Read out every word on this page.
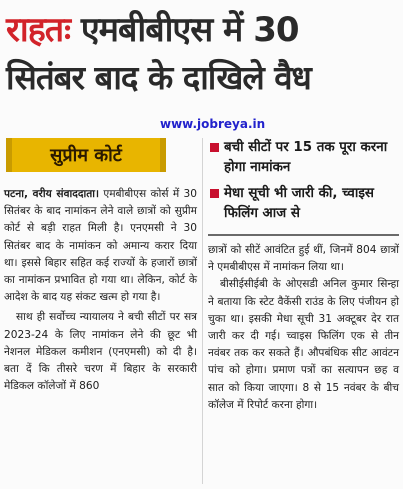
राहतः एमबीबीएस में 30
सितंबर बाद के दाखिले वैध
www.jobreya.in
सुप्रीम कोर्ट

पटना, वरीय संवाददाता। एमबीबीएस कोर्स में 30 सितंबर के बाद नामांकन लेने वाले छात्रों को सुप्रीम कोर्ट से बड़ी राहत मिली है। एनएमसी ने 30 सितंबर बाद के नामांकन को अमान्य करार दिया था। इससे बिहार सहित कई राज्यों के हजारों छात्रों का नामांकन प्रभावित हो गया था। लेकिन, कोर्ट के आदेश के बाद यह संकट खत्म हो गया है।

साथ ही सर्वोच्च न्यायालय ने बची सीटों पर सत्र 2023-24 के लिए नामांकन लेने की छूट भी नेशनल मेडिकल कमीशन (एनएमसी) को दी है। बता दें कि तीसरे चरण में बिहार के सरकारी मेडिकल कॉलेजों में 860

बची सीटों पर 15 तक पूरा करना होगा नामांकन
मेधा सूची भी जारी की, च्वाइस फिलिंग आज से

छात्रों को सीटें आवंटित हुई थीं, जिनमें 804 छात्रों ने एमबीबीएस में नामांकन लिया था।

बीसीईसीईबी के ओएसडी अनिल कुमार सिन्हा ने बताया कि स्टेट वैकेंसी राउंड के लिए पंजीयन हो चुका था। इसकी मेधा सूची 31 अक्टूबर देर रात जारी कर दी गई। च्वाइस फिलिंग एक से तीन नवंबर तक कर सकते हैं। औपबंधिक सीट आवंटन पांच को होगा। प्रमाण पत्रों का सत्यापन छह व सात को किया जाएगा। 8 से 15 नवंबर के बीच कॉलेज में रिपोर्ट करना होगा।
